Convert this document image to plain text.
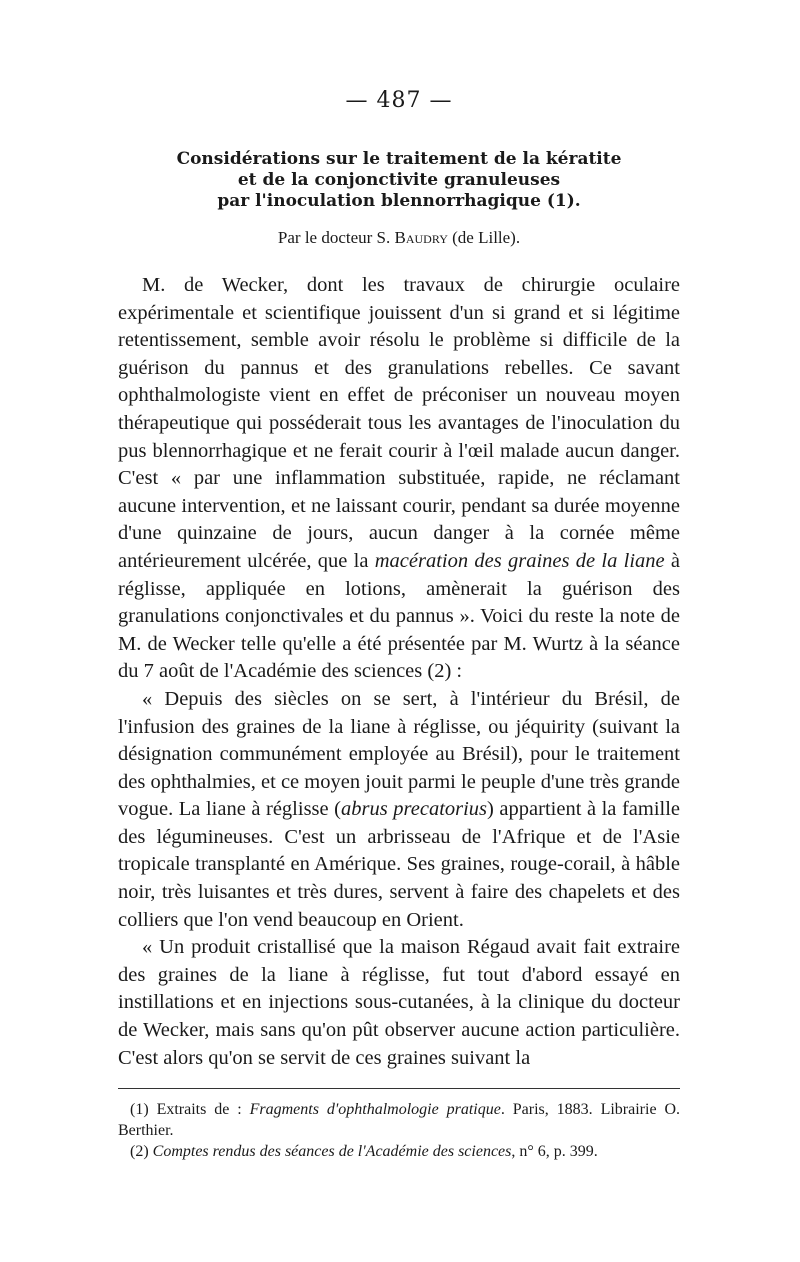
— 487 —
Considérations sur le traitement de la kératite
et de la conjonctivite granuleuses
par l'inoculation blennorrhagique (1).
Par le docteur S. Baudry (de Lille).

M. de Wecker, dont les travaux de chirurgie oculaire expérimentale et scientifique jouissent d'un si grand et si légitime retentissement, semble avoir résolu le problème si difficile de la guérison du pannus et des granulations rebelles. Ce savant ophthalmologiste vient en effet de préconiser un nouveau moyen thérapeutique qui posséderait tous les avantages de l'inoculation du pus blennorrhagique et ne ferait courir à l'œil malade aucun danger. C'est « par une inflammation substituée, rapide, ne réclamant aucune intervention, et ne laissant courir, pendant sa durée moyenne d'une quinzaine de jours, aucun danger à la cornée même antérieurement ulcérée, que la macération des graines de la liane à réglisse, appliquée en lotions, amènerait la guérison des granulations conjonctivales et du pannus ». Voici du reste la note de M. de Wecker telle qu'elle a été présentée par M. Wurtz à la séance du 7 août de l'Académie des sciences (2) :

« Depuis des siècles on se sert, à l'intérieur du Brésil, de l'infusion des graines de la liane à réglisse, ou jéquirity (suivant la désignation communément employée au Brésil), pour le traitement des ophthalmies, et ce moyen jouit parmi le peuple d'une très grande vogue. La liane à réglisse (abrus precatorius) appartient à la famille des légumineuses. C'est un arbrisseau de l'Afrique et de l'Asie tropicale transplanté en Amérique. Ses graines, rouge-corail, à hâble noir, très luisantes et très dures, servent à faire des chapelets et des colliers que l'on vend beaucoup en Orient.

« Un produit cristallisé que la maison Régaud avait fait extraire des graines de la liane à réglisse, fut tout d'abord essayé en instillations et en injections sous-cutanées, à la clinique du docteur de Wecker, mais sans qu'on pût observer aucune action particulière. C'est alors qu'on se servit de ces graines suivant la

(1) Extraits de : Fragments d'ophthalmologie pratique. Paris, 1883. Librairie O. Berthier.

(2) Comptes rendus des séances de l'Académie des sciences, n° 6, p. 399.
